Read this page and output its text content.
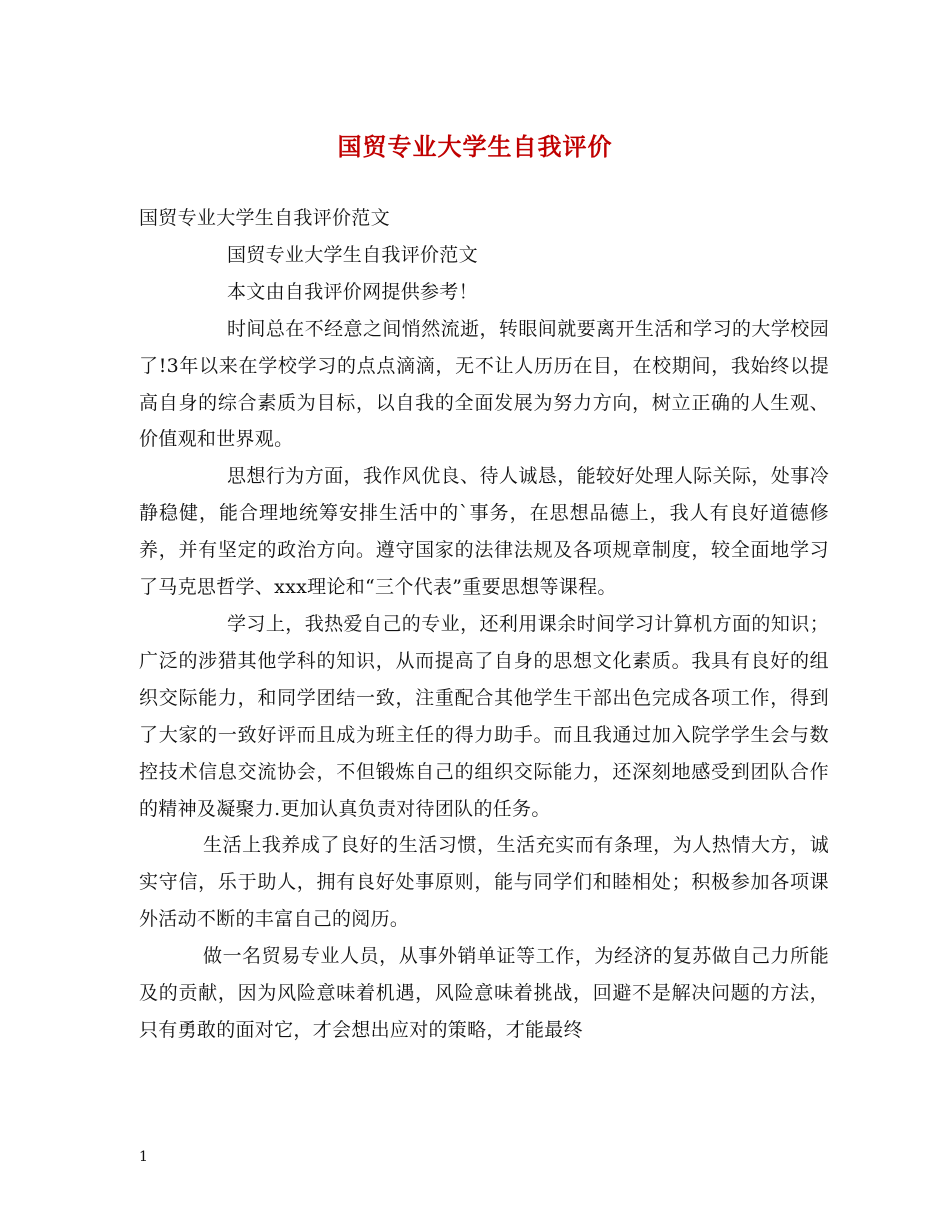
国贸专业大学生自我评价

国贸专业大学生自我评价范文

国贸专业大学生自我评价范文

本文由自我评价网提供参考！

时间总在不经意之间悄然流逝，转眼间就要离开生活和学习的大学校园了!3年以来在学校学习的点点滴滴，无不让人历历在目，在校期间，我始终以提高自身的综合素质为目标，以自我的全面发展为努力方向，树立正确的人生观、价值观和世界观。

思想行为方面，我作风优良、待人诚恳，能较好处理人际关际，处事冷静稳健，能合理地统筹安排生活中的`事务，在思想品德上，我人有良好道德修养，并有坚定的政治方向。遵守国家的法律法规及各项规章制度，较全面地学习了马克思哲学、xxx理论和“三个代表”重要思想等课程。

学习上，我热爱自己的专业，还利用课余时间学习计算机方面的知识；广泛的涉猎其他学科的知识，从而提高了自身的思想文化素质。我具有良好的组织交际能力，和同学团结一致，注重配合其他学生干部出色完成各项工作，得到了大家的一致好评而且成为班主任的得力助手。而且我通过加入院学学生会与数控技术信息交流协会，不但锻炼自己的组织交际能力，还深刻地感受到团队合作的精神及凝聚力.更加认真负责对待团队的任务。

生活上我养成了良好的生活习惯，生活充实而有条理，为人热情大方，诚实守信，乐于助人，拥有良好处事原则，能与同学们和睦相处；积极参加各项课外活动不断的丰富自己的阅历。

做一名贸易专业人员，从事外销单证等工作，为经济的复苏做自己力所能及的贡献，因为风险意味着机遇，风险意味着挑战，回避不是解决问题的方法，只有勇敢的面对它，才会想出应对的策略，才能最终

1
